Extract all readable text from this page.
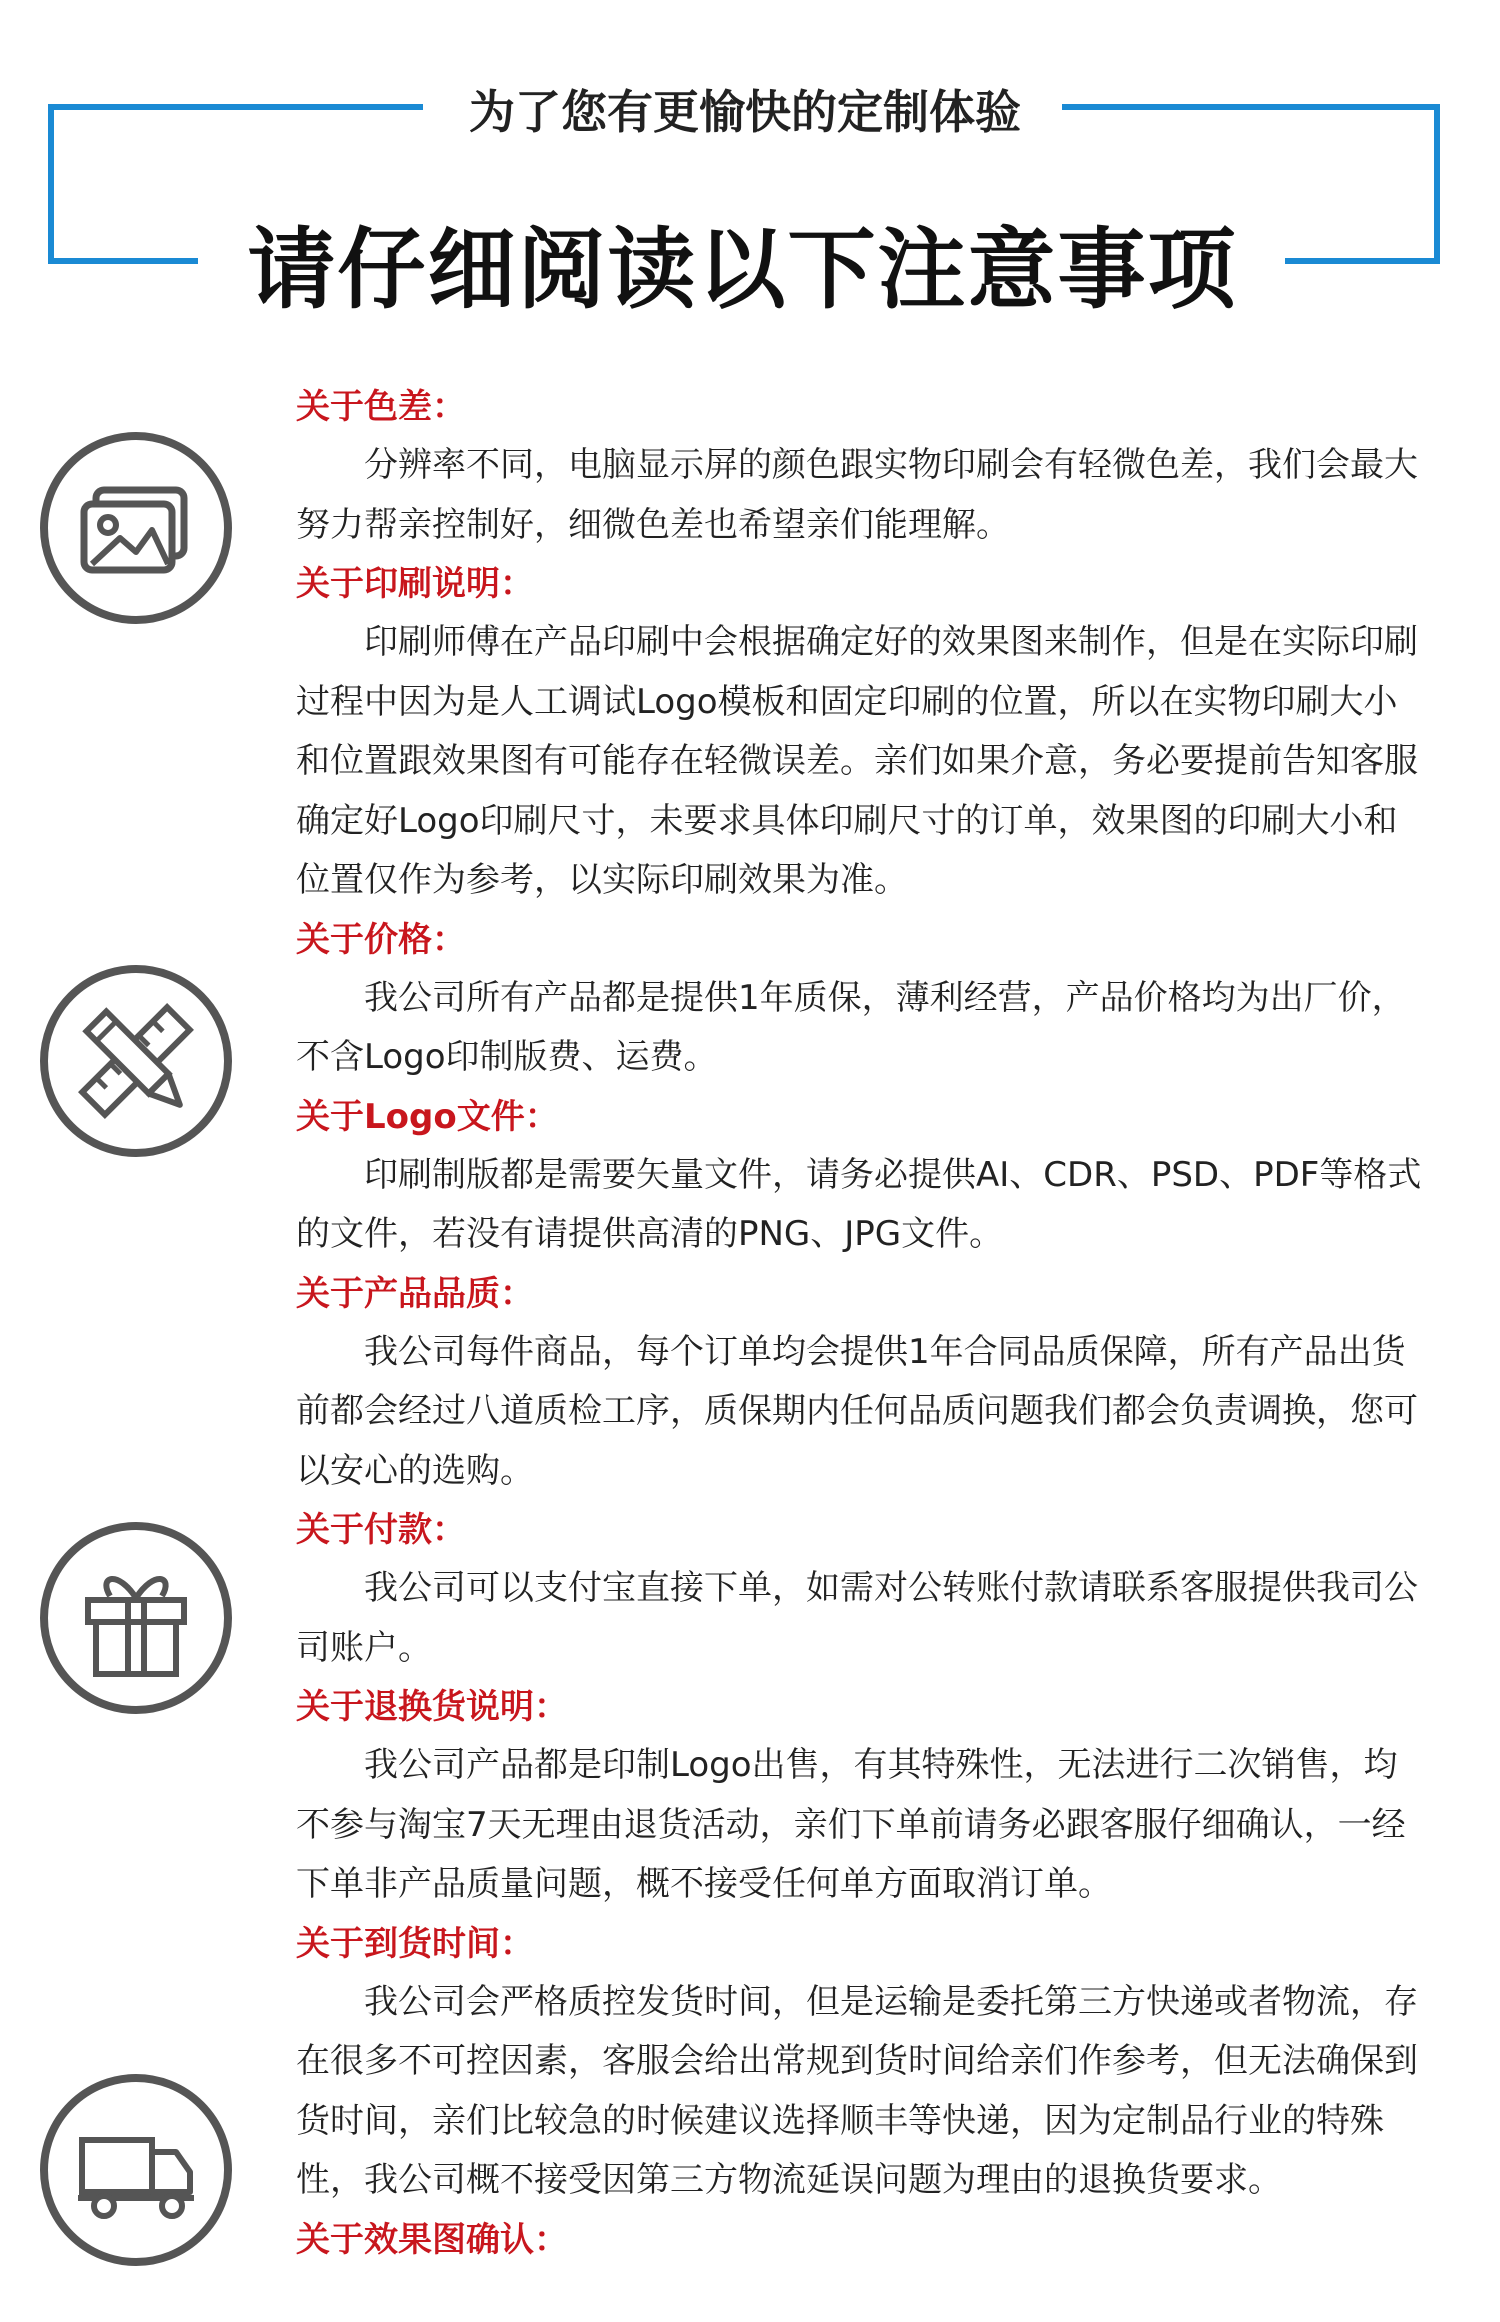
为了您有更愉快的定制体验
请仔细阅读以下注意事项
关于色差：
分辨率不同，电脑显示屏的颜色跟实物印刷会有轻微色差，我们会最大努力帮亲控制好，细微色差也希望亲们能理解。
关于印刷说明：
印刷师傅在产品印刷中会根据确定好的效果图来制作，但是在实际印刷过程中因为是人工调试Logo模板和固定印刷的位置，所以在实物印刷大小和位置跟效果图有可能存在轻微误差。亲们如果介意，务必要提前告知客服确定好Logo印刷尺寸，未要求具体印刷尺寸的订单，效果图的印刷大小和位置仅作为参考，以实际印刷效果为准。
关于价格：
我公司所有产品都是提供1年质保，薄利经营，产品价格均为出厂价，不含Logo印制版费、运费。
关于Logo文件：
印刷制版都是需要矢量文件，请务必提供AI、CDR、PSD、PDF等格式的文件，若没有请提供高清的PNG、JPG文件。
关于产品品质：
我公司每件商品，每个订单均会提供1年合同品质保障，所有产品出货前都会经过八道质检工序，质保期内任何品质问题我们都会负责调换，您可以安心的选购。
关于付款：
我公司可以支付宝直接下单，如需对公转账付款请联系客服提供我司公司账户。
关于退换货说明：
我公司产品都是印制Logo出售，有其特殊性，无法进行二次销售，均不参与淘宝7天无理由退货活动，亲们下单前请务必跟客服仔细确认，一经下单非产品质量问题，概不接受任何单方面取消订单。
关于到货时间：
我公司会严格质控发货时间，但是运输是委托第三方快递或者物流，存在很多不可控因素，客服会给出常规到货时间给亲们作参考，但无法确保到货时间，亲们比较急的时候建议选择顺丰等快递，因为定制品行业的特殊性，我公司概不接受因第三方物流延误问题为理由的退换货要求。
关于效果图确认：
